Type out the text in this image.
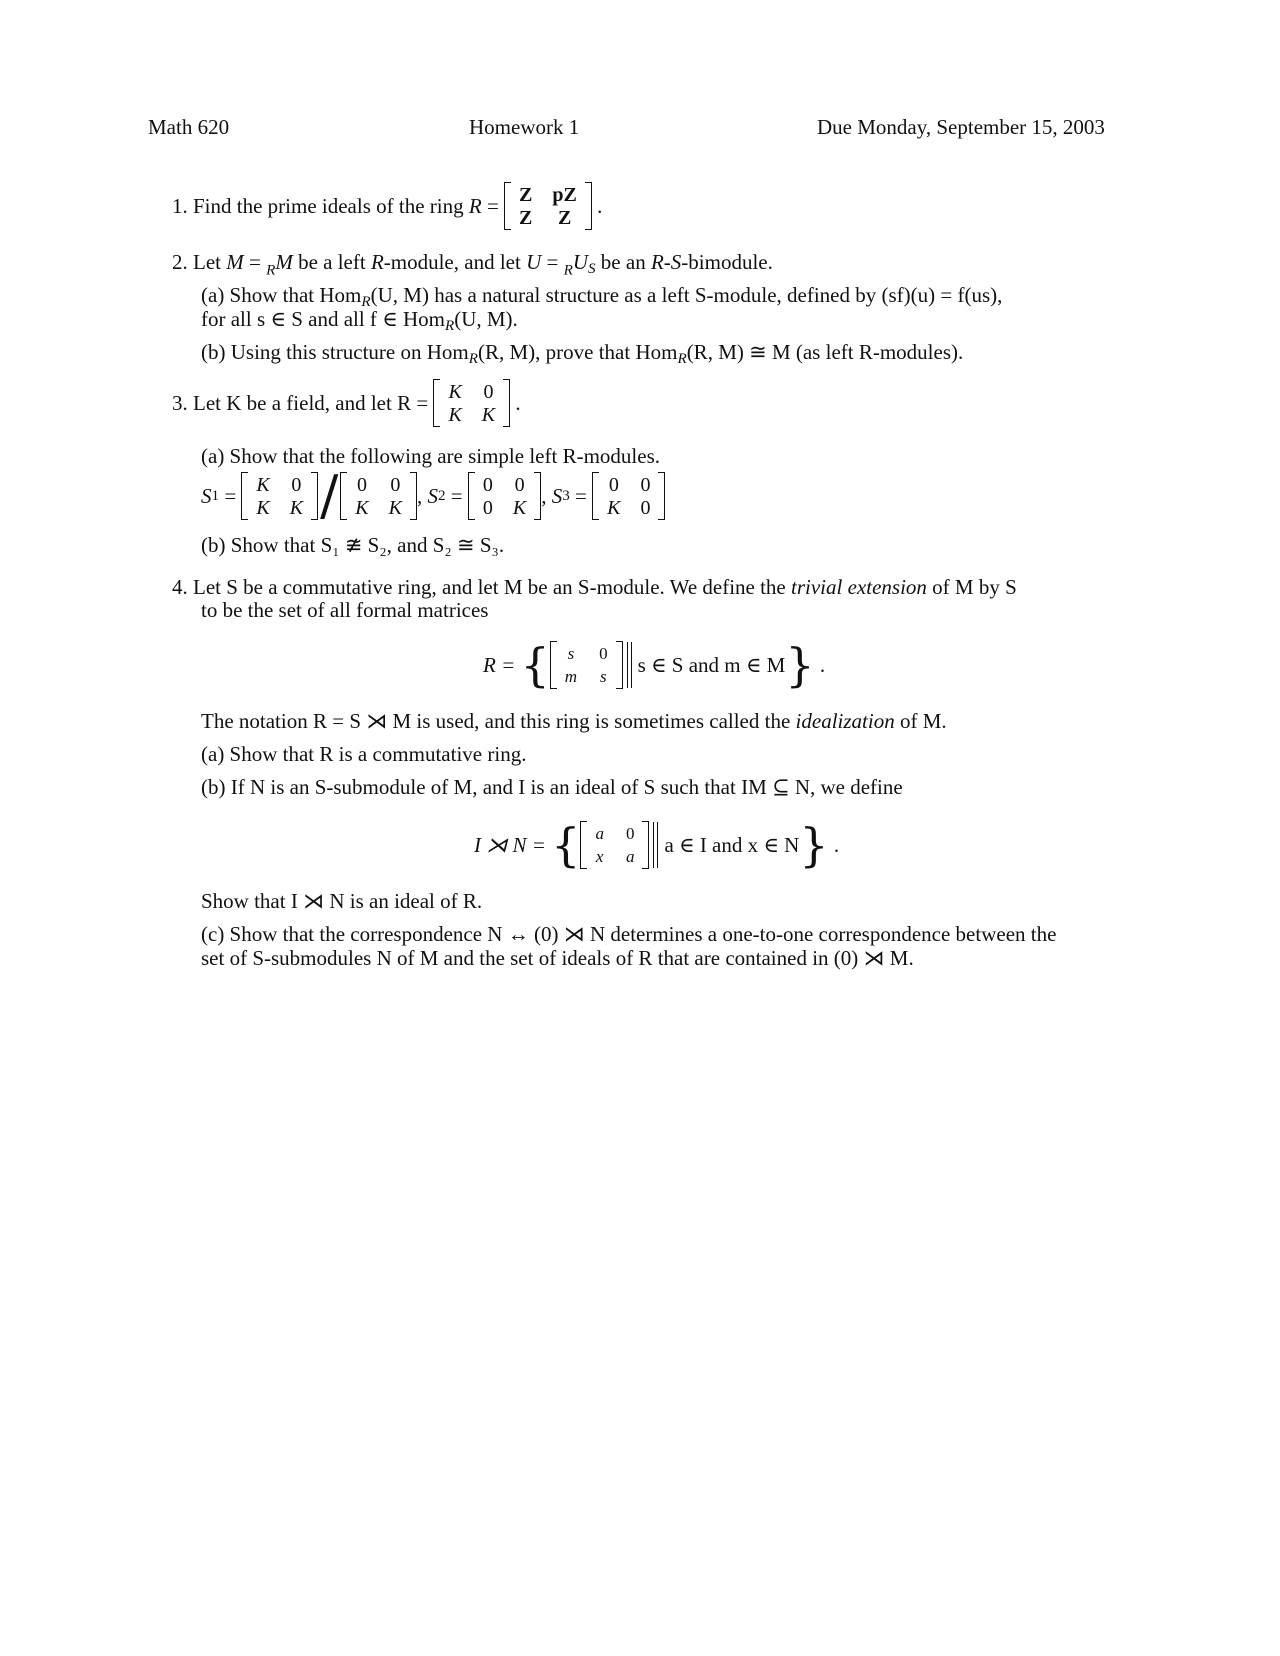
Math 620	Homework 1	Due Monday, September 15, 2003
1.
Find the prime ideals of the ring
R = Z pZ
Z Z .
2. Let M = $_R$M be a left R-module, and let $U = _RU_S$ be an R-S-bimodule.
(a) Show that Hom$_R$(U, M) has a natural structure as a left S-module, defined by (sf)(u) = f(us),
for all s ∈ S and all f ∈ Hom$_R$(U, M).
(b) Using this structure on Hom$_R$(R, M), prove that Hom$_R$(R, M) ≅ M (as left R-modules).
3.
Let K be a field, and let R =
K 0
K K .
(a) Show that the following are simple left R-modules.
S 1 = K 0
K K / 0 0
K K , S 2 = 0 0
0 K , S 3 = 0 0
K 0
(b) Show that S₁ ≇ S₂, and S₂ ≅ S₃.
4. Let S be a commutative ring, and let M be an S-module. We define the trivial extension of M by S
to be the set of all formal matrices
R =
{ s 0
m s s ∈ S and m ∈ M } .
The notation R = S ⋊ M is used, and this ring is sometimes called the idealization of M.
(a) Show that R is a commutative ring.
(b) If N is an S-submodule of M, and I is an ideal of S such that IM ⊆ N, we define
I ⋊ N =
{ a 0
x a a ∈ I and x ∈ N } .
Show that I ⋊ N is an ideal of R.
(c) Show that the correspondence N ↔ (0) ⋊ N determines a one-to-one correspondence between the
set of S-submodules N of M and the set of ideals of R that are contained in (0) ⋊ M.
